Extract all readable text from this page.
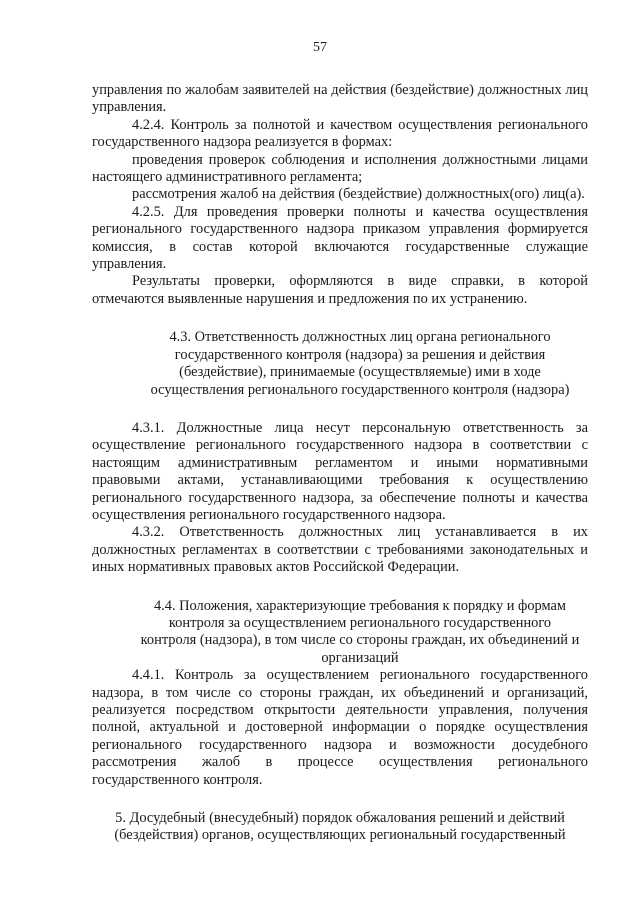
57

управления по жалобам заявителей на действия (бездействие) должностных лиц управления.

4.2.4. Контроль за полнотой и качеством осуществления регионального государственного надзора реализуется в формах:

проведения проверок соблюдения и исполнения должностными лицами настоящего административного регламента;

рассмотрения жалоб на действия (бездействие) должностных(ого) лиц(а).

4.2.5. Для проведения проверки полноты и качества осуществления регионального государственного надзора приказом управления формируется комиссия, в состав которой включаются государственные служащие управления.

Результаты проверки, оформляются в виде справки, в которой отмечаются выявленные нарушения и предложения по их устранению.

4.3. Ответственность должностных лиц органа регионального государственного контроля (надзора) за решения и действия (бездействие), принимаемые (осуществляемые) ими в ходе осуществления регионального государственного контроля (надзора)

4.3.1. Должностные лица несут персональную ответственность за осуществление регионального государственного надзора в соответствии с настоящим административным регламентом и иными нормативными правовыми актами, устанавливающими требования к осуществлению регионального государственного надзора, за обеспечение полноты и качества осуществления регионального государственного надзора.

4.3.2. Ответственность должностных лиц устанавливается в их должностных регламентах в соответствии с требованиями законодательных и иных нормативных правовых актов Российской Федерации.

4.4. Положения, характеризующие требования к порядку и формам контроля за осуществлением регионального государственного контроля (надзора), в том числе со стороны граждан, их объединений и организаций

4.4.1. Контроль за осуществлением регионального государственного надзора, в том числе со стороны граждан, их объединений и организаций, реализуется посредством открытости деятельности управления, получения полной, актуальной и достоверной информации о порядке осуществления регионального государственного надзора и возможности досудебного рассмотрения жалоб в процессе осуществления регионального государственного контроля.

5. Досудебный (внесудебный) порядок обжалования решений и действий (бездействия) органов, осуществляющих региональный государственный
